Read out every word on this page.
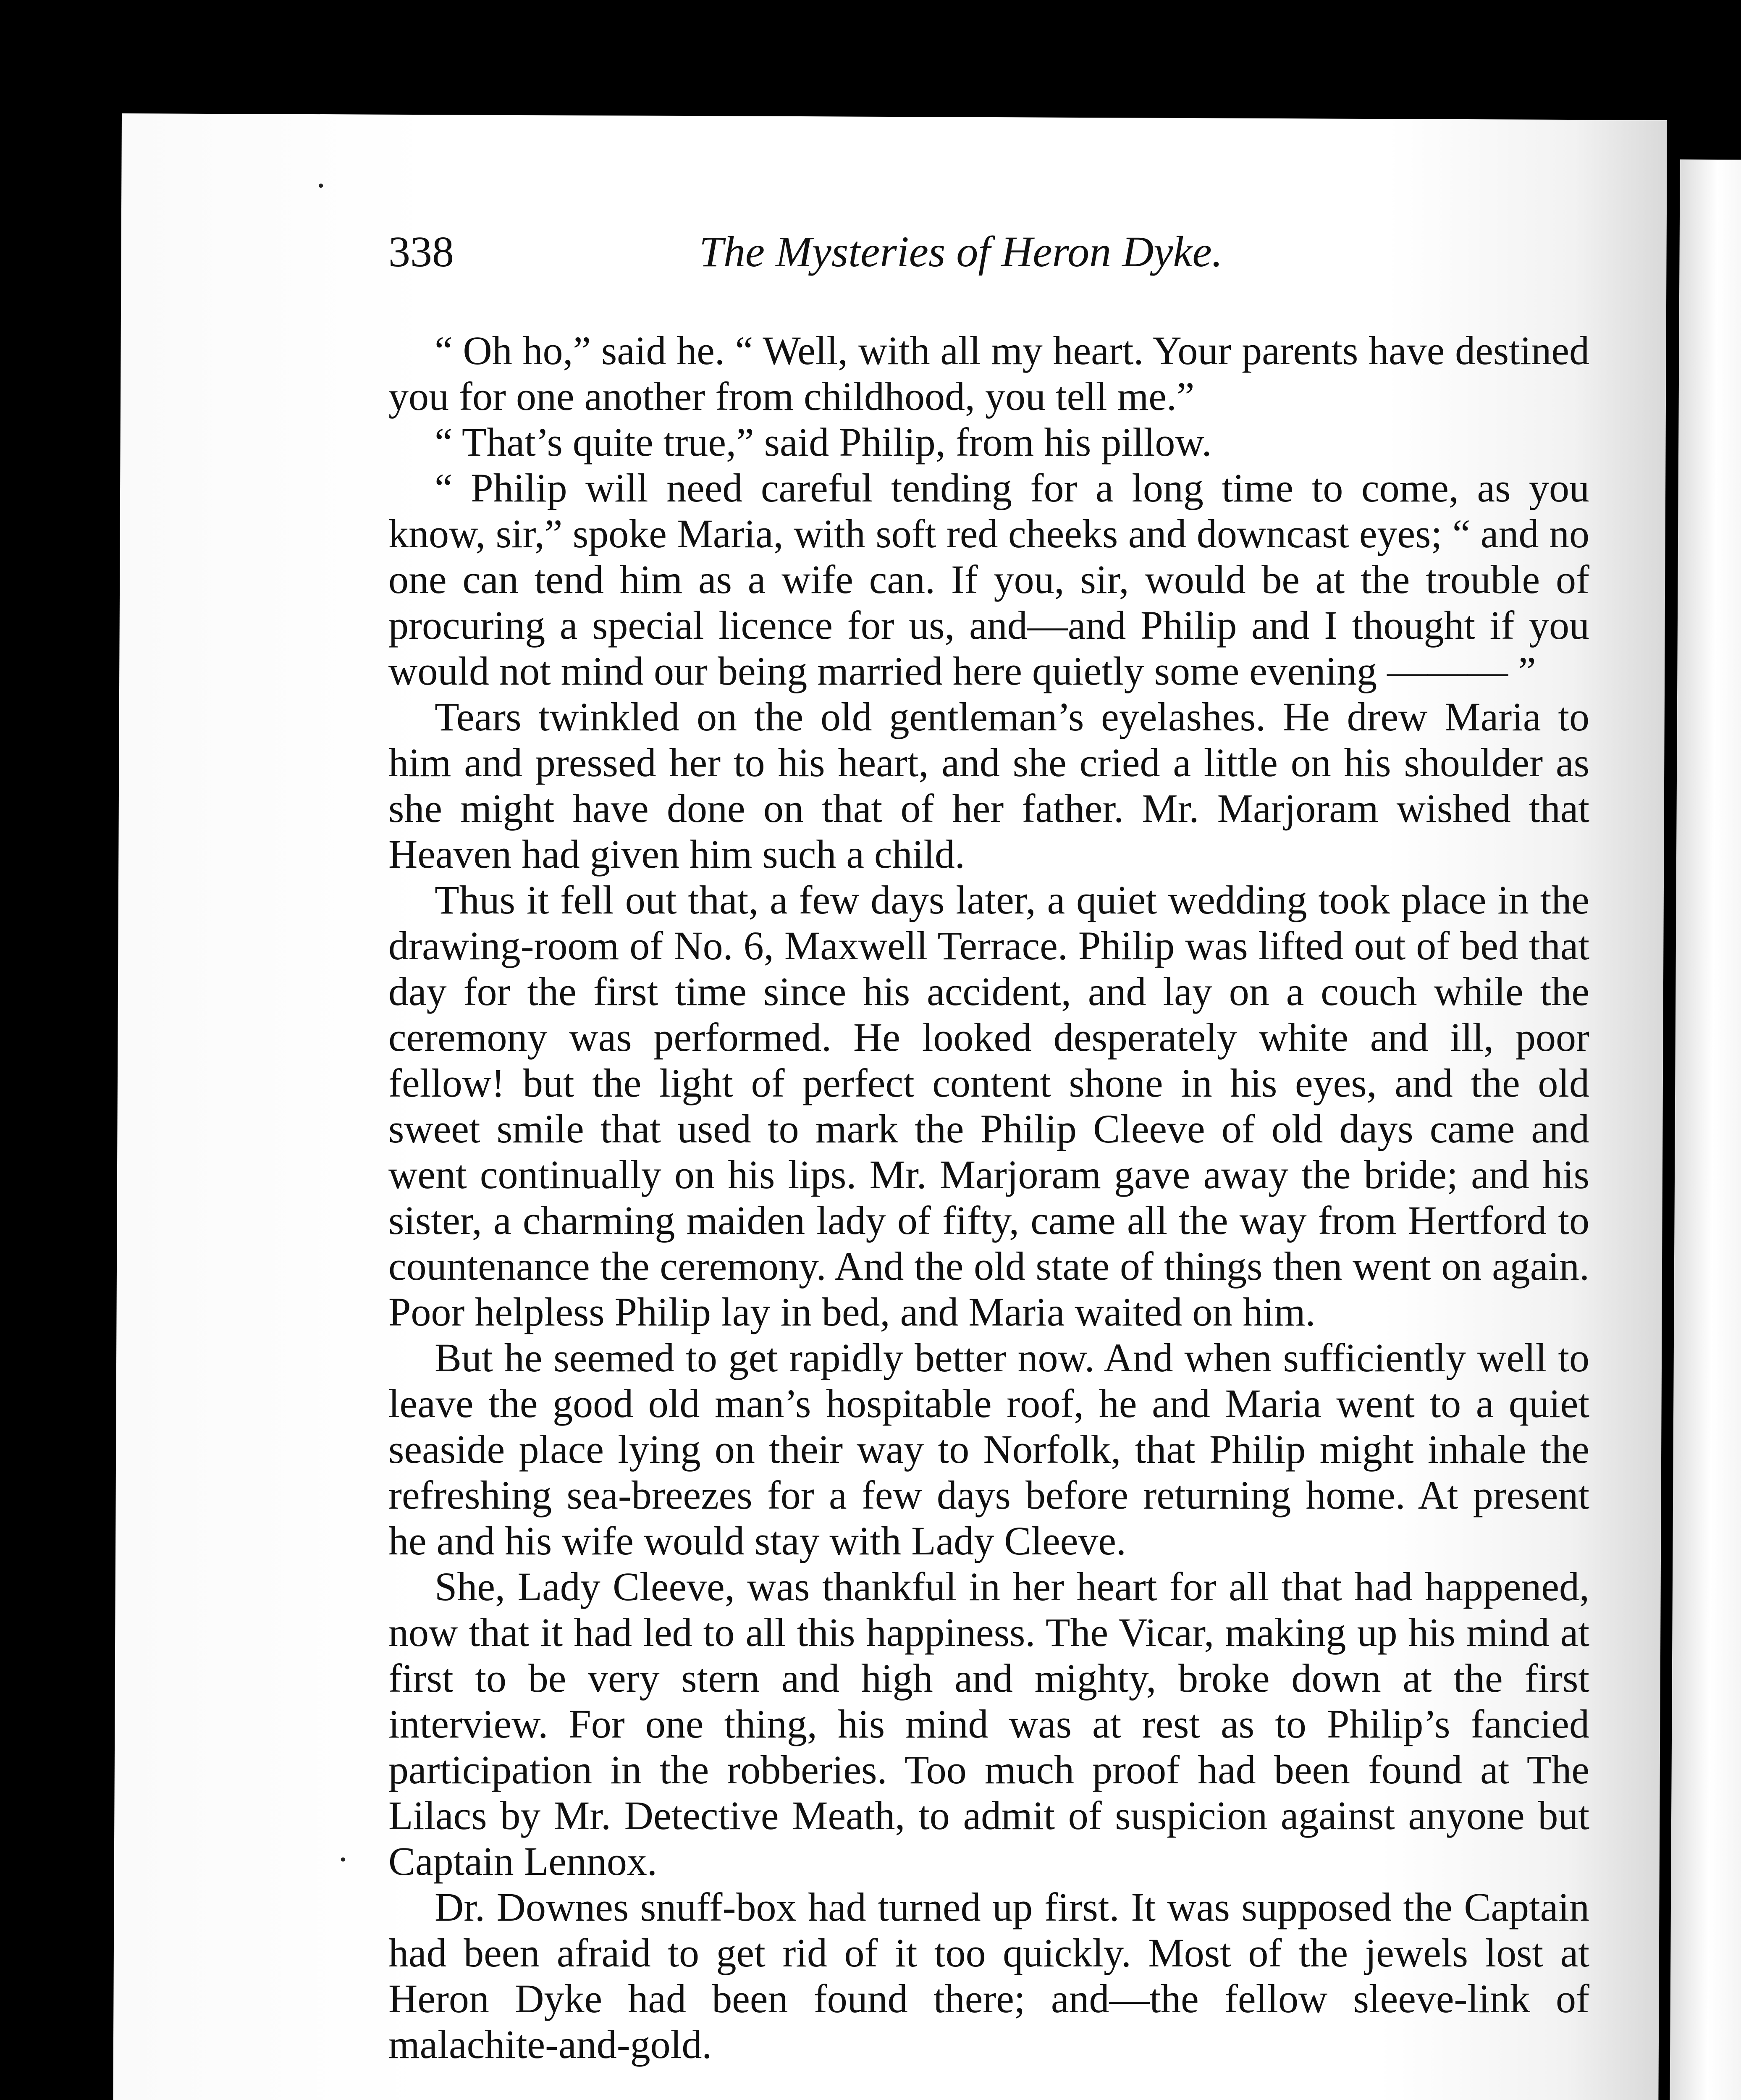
338	The Mysteries of Heron Dyke.

“ Oh ho,” said he. “ Well, with all my heart. Your parents have destined you for one another from childhood, you tell me.”

“ That’s quite true,” said Philip, from his pillow.

“ Philip will need careful tending for a long time to come, as you know, sir,” spoke Maria, with soft red cheeks and downcast eyes; “ and no one can tend him as a wife can. If you, sir, would be at the trouble of procuring a special licence for us, and—and Philip and I thought if you would not mind our being married here quietly some evening ——— ”

Tears twinkled on the old gentleman’s eyelashes. He drew Maria to him and pressed her to his heart, and she cried a little on his shoulder as she might have done on that of her father. Mr. Marjoram wished that Heaven had given him such a child.

Thus it fell out that, a few days later, a quiet wedding took place in the drawing-room of No. 6, Maxwell Terrace. Philip was lifted out of bed that day for the first time since his accident, and lay on a couch while the ceremony was performed. He looked desperately white and ill, poor fellow! but the light of perfect content shone in his eyes, and the old sweet smile that used to mark the Philip Cleeve of old days came and went continually on his lips. Mr. Marjoram gave away the bride; and his sister, a charming maiden lady of fifty, came all the way from Hertford to countenance the ceremony. And the old state of things then went on again. Poor helpless Philip lay in bed, and Maria waited on him.

But he seemed to get rapidly better now. And when sufficiently well to leave the good old man’s hospitable roof, he and Maria went to a quiet seaside place lying on their way to Norfolk, that Philip might inhale the refreshing sea-breezes for a few days before returning home. At present he and his wife would stay with Lady Cleeve.

She, Lady Cleeve, was thankful in her heart for all that had happened, now that it had led to all this happiness. The Vicar, making up his mind at first to be very stern and high and mighty, broke down at the first interview. For one thing, his mind was at rest as to Philip’s fancied participation in the robberies. Too much proof had been found at The Lilacs by Mr. Detective Meath, to admit of suspicion against anyone but Captain Lennox.

Dr. Downes snuff-box had turned up first. It was supposed the Captain had been afraid to get rid of it too quickly. Most of the jewels lost at Heron Dyke had been found there; and—the fellow sleeve-link of malachite-and-gold.
